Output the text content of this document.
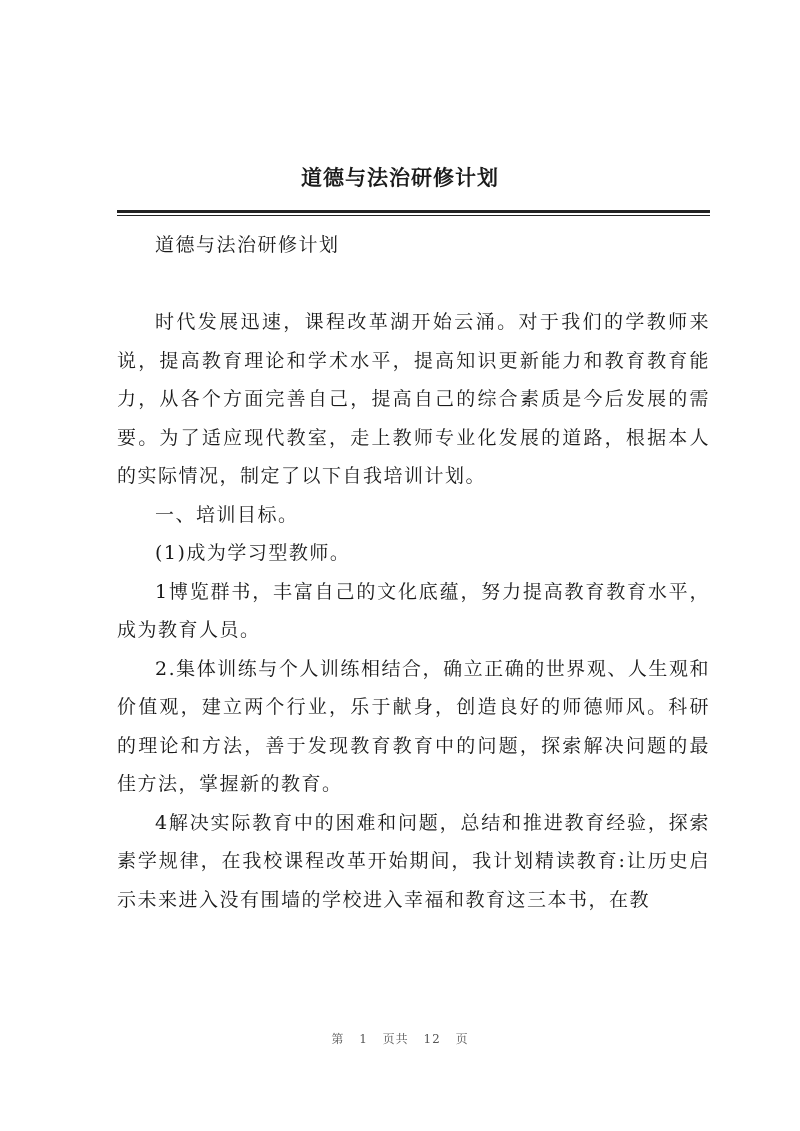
道德与法治研修计划

道德与法治研修计划

时代发展迅速，课程改革湖开始云涌。对于我们的学教师来说，提高教育理论和学术水平，提高知识更新能力和教育教育能力，从各个方面完善自己，提高自己的综合素质是今后发展的需要。为了适应现代教室，走上教师专业化发展的道路，根据本人的实际情况，制定了以下自我培训计划。

一、培训目标。

(1)成为学习型教师。

1博览群书，丰富自己的文化底蕴，努力提高教育教育水平，成为教育人员。

2.集体训练与个人训练相结合，确立正确的世界观、人生观和价值观，建立两个行业，乐于献身，创造良好的师德师风。科研的理论和方法，善于发现教育教育中的问题，探索解决问题的最佳方法，掌握新的教育。

4解决实际教育中的困难和问题，总结和推进教育经验，探索素学规律，在我校课程改革开始期间，我计划精读教育:让历史启示未来进入没有围墙的学校进入幸福和教育这三本书，在教

第 1 页共 12 页
